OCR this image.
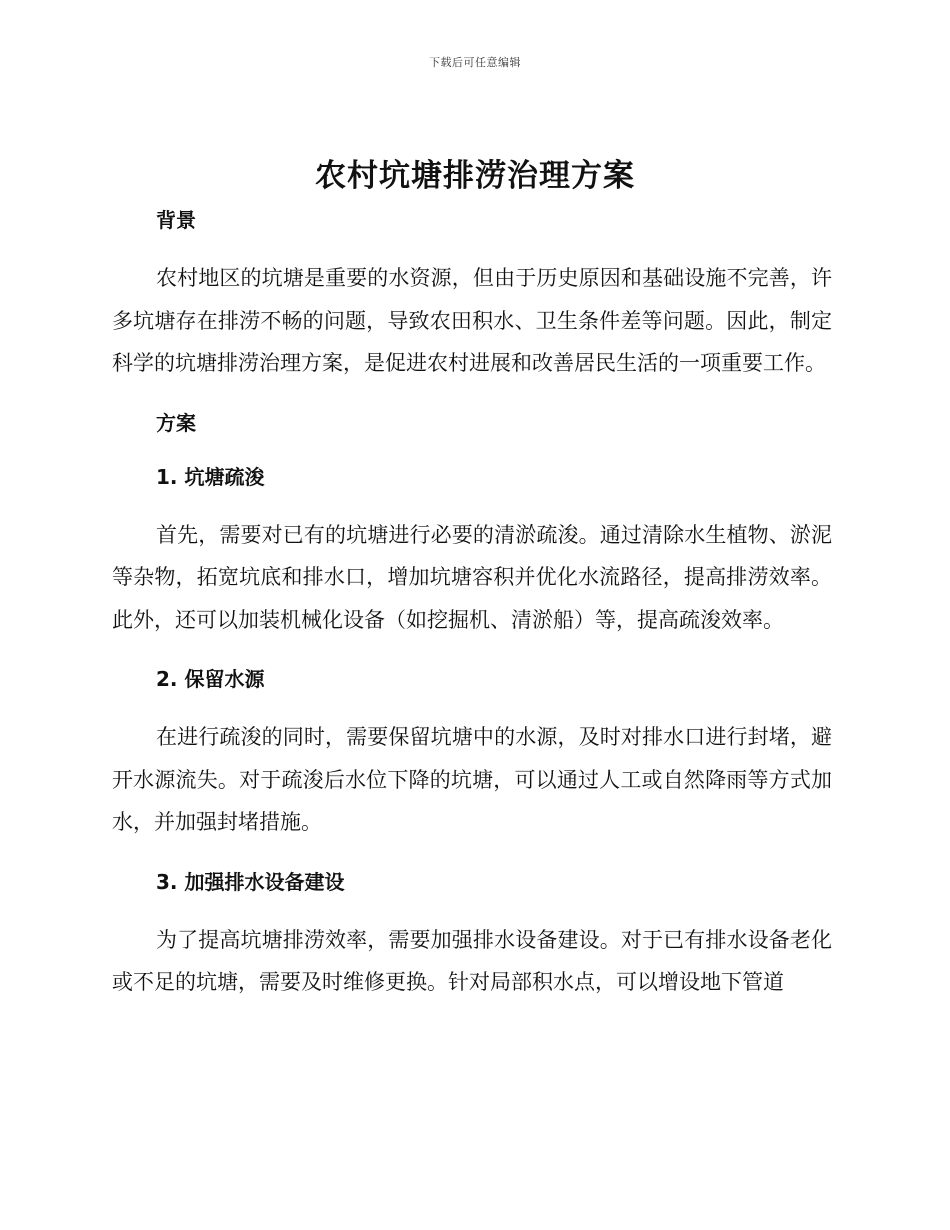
下载后可任意编辑
农村坑塘排涝治理方案
背景

农村地区的坑塘是重要的水资源，但由于历史原因和基础设施不完善，许多坑塘存在排涝不畅的问题，导致农田积水、卫生条件差等问题。因此，制定科学的坑塘排涝治理方案，是促进农村进展和改善居民生活的一项重要工作。

方案
1. 坑塘疏浚

首先，需要对已有的坑塘进行必要的清淤疏浚。通过清除水生植物、淤泥等杂物，拓宽坑底和排水口，增加坑塘容积并优化水流路径，提高排涝效率。此外，还可以加装机械化设备（如挖掘机、清淤船）等，提高疏浚效率。

2. 保留水源

在进行疏浚的同时，需要保留坑塘中的水源，及时对排水口进行封堵，避开水源流失。对于疏浚后水位下降的坑塘，可以通过人工或自然降雨等方式加水，并加强封堵措施。

3. 加强排水设备建设

为了提高坑塘排涝效率，需要加强排水设备建设。对于已有排水设备老化或不足的坑塘，需要及时维修更换。针对局部积水点，可以增设地下管道
